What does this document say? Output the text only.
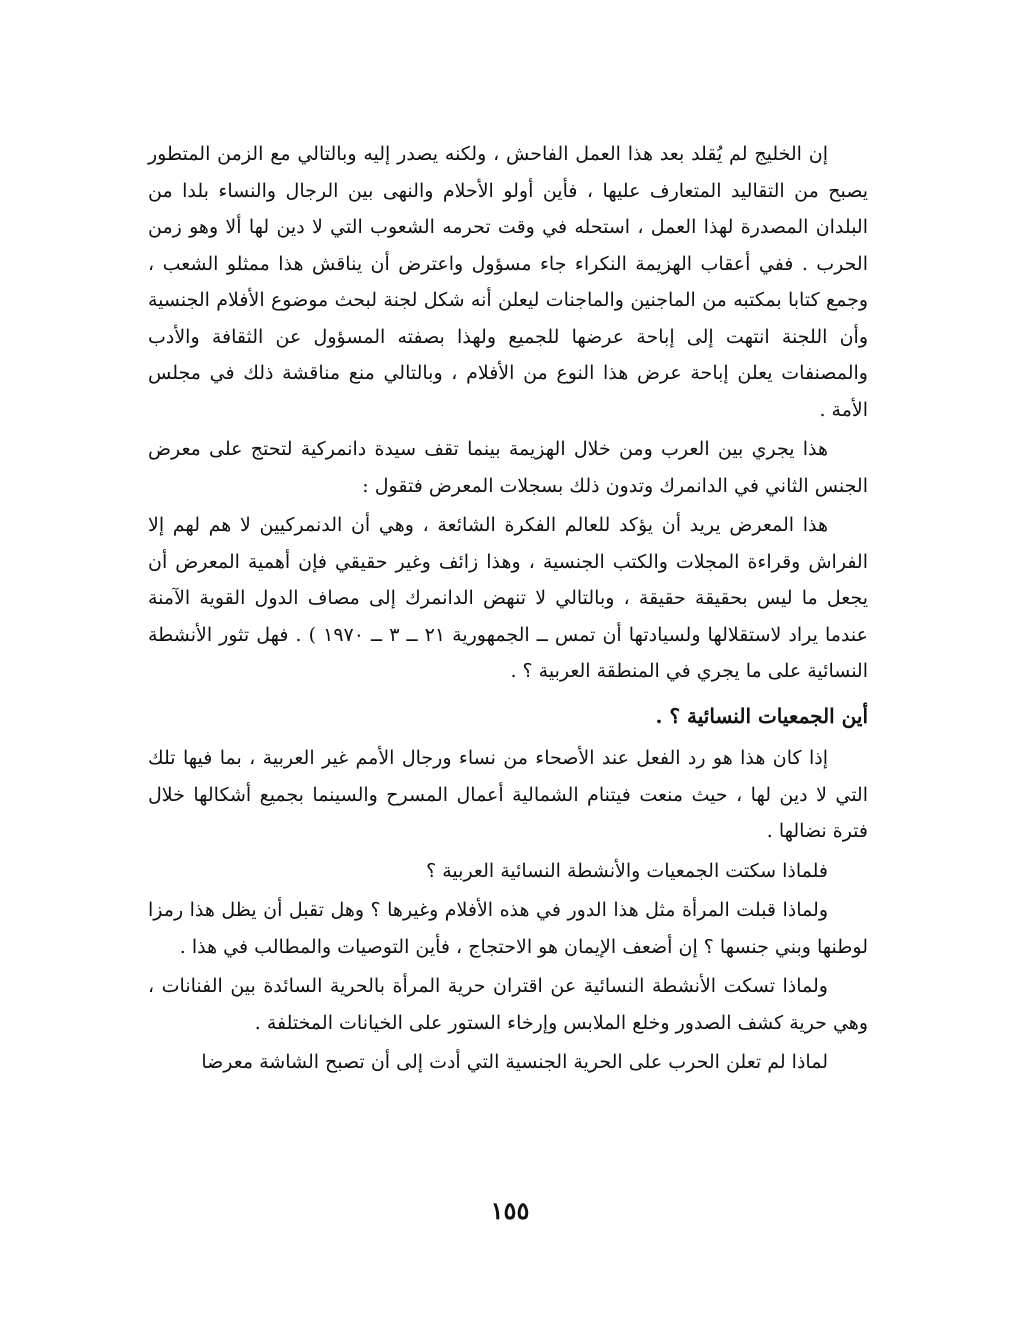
إن الخليج لم يُقلد بعد هذا العمل الفاحش ، ولكنه يصدر إليه وبالتالي مع الزمن المتطور يصبح من التقاليد المتعارف عليها ، فأين أولو الأحلام والنهى بين الرجال والنساء بلدا من البلدان المصدرة لهذا العمل ، استحله في وقت تحرمه الشعوب التي لا دين لها ألا وهو زمن الحرب . ففي أعقاب الهزيمة النكراء جاء مسؤول واعترض أن يناقش هذا ممثلو الشعب ، وجمع كتابا بمكتبه من الماجنين والماجنات ليعلن أنه شكل لجنة لبحث موضوع الأفلام الجنسية وأن اللجنة انتهت إلى إباحة عرضها للجميع ولهذا بصفته المسؤول عن الثقافة والأدب والمصنفات يعلن إباحة عرض هذا النوع من الأفلام ، وبالتالي منع مناقشة ذلك في مجلس الأمة .

هذا يجري بين العرب ومن خلال الهزيمة بينما تقف سيدة دانمركية لتحتج على معرض الجنس الثاني في الدانمرك وتدون ذلك بسجلات المعرض فتقول :

هذا المعرض يريد أن يؤكد للعالم الفكرة الشائعة ، وهي أن الدنمركيين لا هم لهم إلا الفراش وقراءة المجلات والكتب الجنسية ، وهذا زائف وغير حقيقي فإن أهمية المعرض أن يجعل ما ليس بحقيقة حقيقة ، وبالتالي لا تنهض الدانمرك إلى مصاف الدول القوية الآمنة عندما يراد لاستقلالها ولسيادتها أن تمس ــ الجمهورية ٢١ ــ ٣ ــ ١٩٧٠ ) . فهل تثور الأنشطة النسائية على ما يجري في المنطقة العربية ؟ .

أين الجمعيات النسائية ؟ .

إذا كان هذا هو رد الفعل عند الأصحاء من نساء ورجال الأمم غير العربية ، بما فيها تلك التي لا دين لها ، حيث منعت فيتنام الشمالية أعمال المسرح والسينما بجميع أشكالها خلال فترة نضالها .

فلماذا سكتت الجمعيات والأنشطة النسائية العربية ؟

ولماذا قبلت المرأة مثل هذا الدور في هذه الأفلام وغيرها ؟ وهل تقبل أن يظل هذا رمزا لوطنها وبني جنسها ؟ إن أضعف الإيمان هو الاحتجاج ، فأين التوصيات والمطالب في هذا .

ولماذا تسكت الأنشطة النسائية عن اقتران حرية المرأة بالحرية السائدة بين الفنانات ، وهي حرية كشف الصدور وخلع الملابس وإرخاء الستور على الخيانات المختلفة .

لماذا لم تعلن الحرب على الحرية الجنسية التي أدت إلى أن تصبح الشاشة معرضا

١٥٥
